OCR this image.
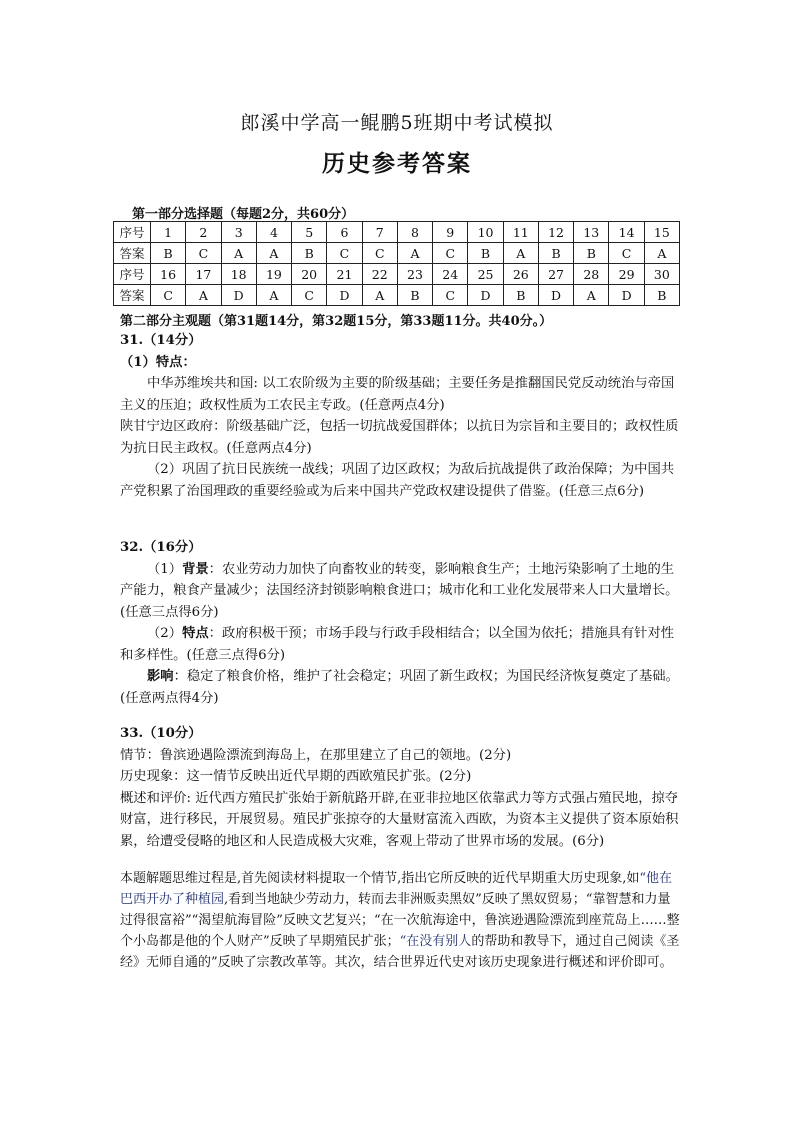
郎溪中学高一鲲鹏5班期中考试模拟
历史参考答案
第一部分选择题（每题2分，共60分）
序号	1	2	3	4	5	6	7	8	9	10	11	12	13	14	15
答案	B	C	A	A	B	C	C	A	C	B	A	B	B	C	A
序号	16	17	18	19	20	21	22	23	24	25	26	27	28	29	30
答案	C	A	D	A	C	D	A	B	C	D	B	D	A	D	B
第二部分主观题（第31题14分，第32题15分，第33题11分。共40分。）

31.（14分）

（1）特点：

中华苏维埃共和国: 以工农阶级为主要的阶级基础；主要任务是推翻国民党反动统治与帝国主义的压迫；政权性质为工农民主专政。(任意两点4分)

陕甘宁边区政府：阶级基础广泛，包括一切抗战爱国群体；以抗日为宗旨和主要目的；政权性质为抗日民主政权。(任意两点4分)

（2）巩固了抗日民族统一战线；巩固了边区政权；为敌后抗战提供了政治保障；为中国共产党积累了治国理政的重要经验或为后来中国共产党政权建设提供了借鉴。(任意三点6分)

32.（16分）

（1）背景：农业劳动力加快了向畜牧业的转变，影响粮食生产；土地污染影响了土地的生产能力，粮食产量减少；法国经济封锁影响粮食进口；城市化和工业化发展带来人口大量增长。(任意三点得6分)

（2）特点：政府积极干预；市场手段与行政手段相结合；以全国为依托；措施具有针对性和多样性。(任意三点得6分)

影响：稳定了粮食价格，维护了社会稳定；巩固了新生政权；为国民经济恢复奠定了基础。(任意两点得4分)

33.（10分）

情节：鲁滨逊遇险漂流到海岛上，在那里建立了自己的领地。(2分)

历史现象：这一情节反映出近代早期的西欧殖民扩张。(2分)

概述和评价: 近代西方殖民扩张始于新航路开辟,在亚非拉地区依靠武力等方式强占殖民地，掠夺财富，进行移民，开展贸易。殖民扩张掠夺的大量财富流入西欧，为资本主义提供了资本原始积累，给遭受侵略的地区和人民造成极大灾难，客观上带动了世界市场的发展。(6分)

本题解题思维过程是,首先阅读材料提取一个情节,指出它所反映的近代早期重大历史现象,如“他在巴西开办了种植园,看到当地缺少劳动力，转而去非洲贩卖黑奴”反映了黑奴贸易；“靠智慧和力量过得很富裕”“渴望航海冒险”反映文艺复兴；“在一次航海途中，鲁滨逊遇险漂流到座荒岛上……整个小岛都是他的个人财产”反映了早期殖民扩张；“在没有别人的帮助和教导下，通过自己阅读《圣经》无师自通的”反映了宗教改革等。其次，结合世界近代史对该历史现象进行概述和评价即可。
